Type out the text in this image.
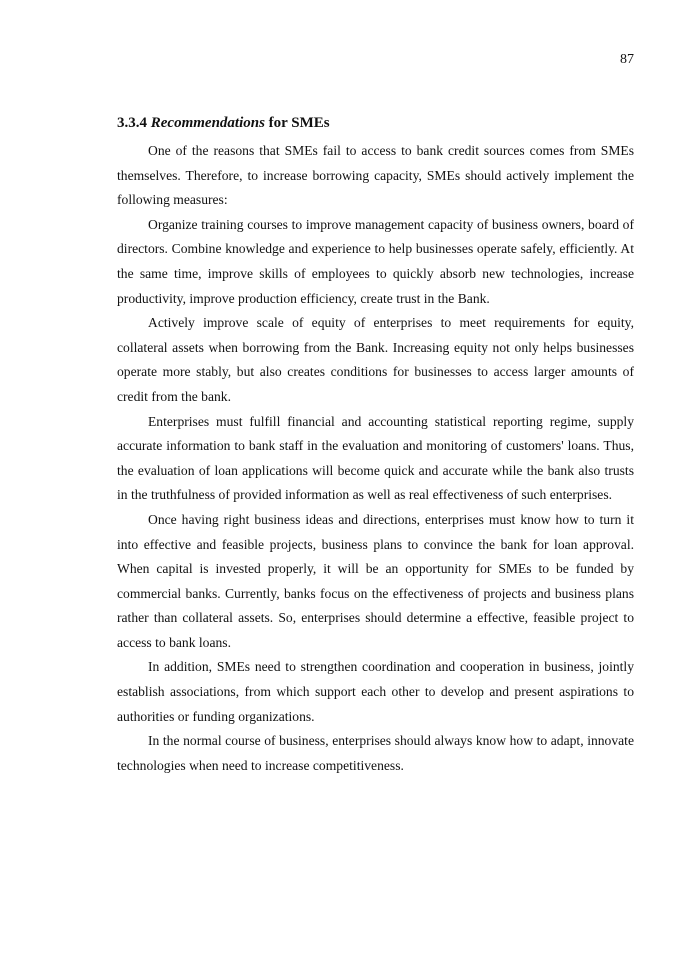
87
3.3.4 Recommendations for SMEs

One of the reasons that SMEs fail to access to bank credit sources comes from SMEs themselves. Therefore, to increase borrowing capacity, SMEs should actively implement the following measures:

Organize training courses to improve management capacity of business owners, board of directors. Combine knowledge and experience to help businesses operate safely, efficiently. At the same time, improve skills of employees to quickly absorb new technologies, increase productivity, improve production efficiency, create trust in the Bank.

Actively improve scale of equity of enterprises to meet requirements for equity, collateral assets when borrowing from the Bank. Increasing equity not only helps businesses operate more stably, but also creates conditions for businesses to access larger amounts of credit from the bank.

Enterprises must fulfill financial and accounting statistical reporting regime, supply accurate information to bank staff in the evaluation and monitoring of customers' loans. Thus, the evaluation of loan applications will become quick and accurate while the bank also trusts in the truthfulness of provided information as well as real effectiveness of such enterprises.

Once having right business ideas and directions, enterprises must know how to turn it into effective and feasible projects, business plans to convince the bank for loan approval. When capital is invested properly, it will be an opportunity for SMEs to be funded by commercial banks. Currently, banks focus on the effectiveness of projects and business plans rather than collateral assets. So, enterprises should determine a effective, feasible project to access to bank loans.

In addition, SMEs need to strengthen coordination and cooperation in business, jointly establish associations, from which support each other to develop and present aspirations to authorities or funding organizations.

In the normal course of business, enterprises should always know how to adapt, innovate technologies when need to increase competitiveness.
